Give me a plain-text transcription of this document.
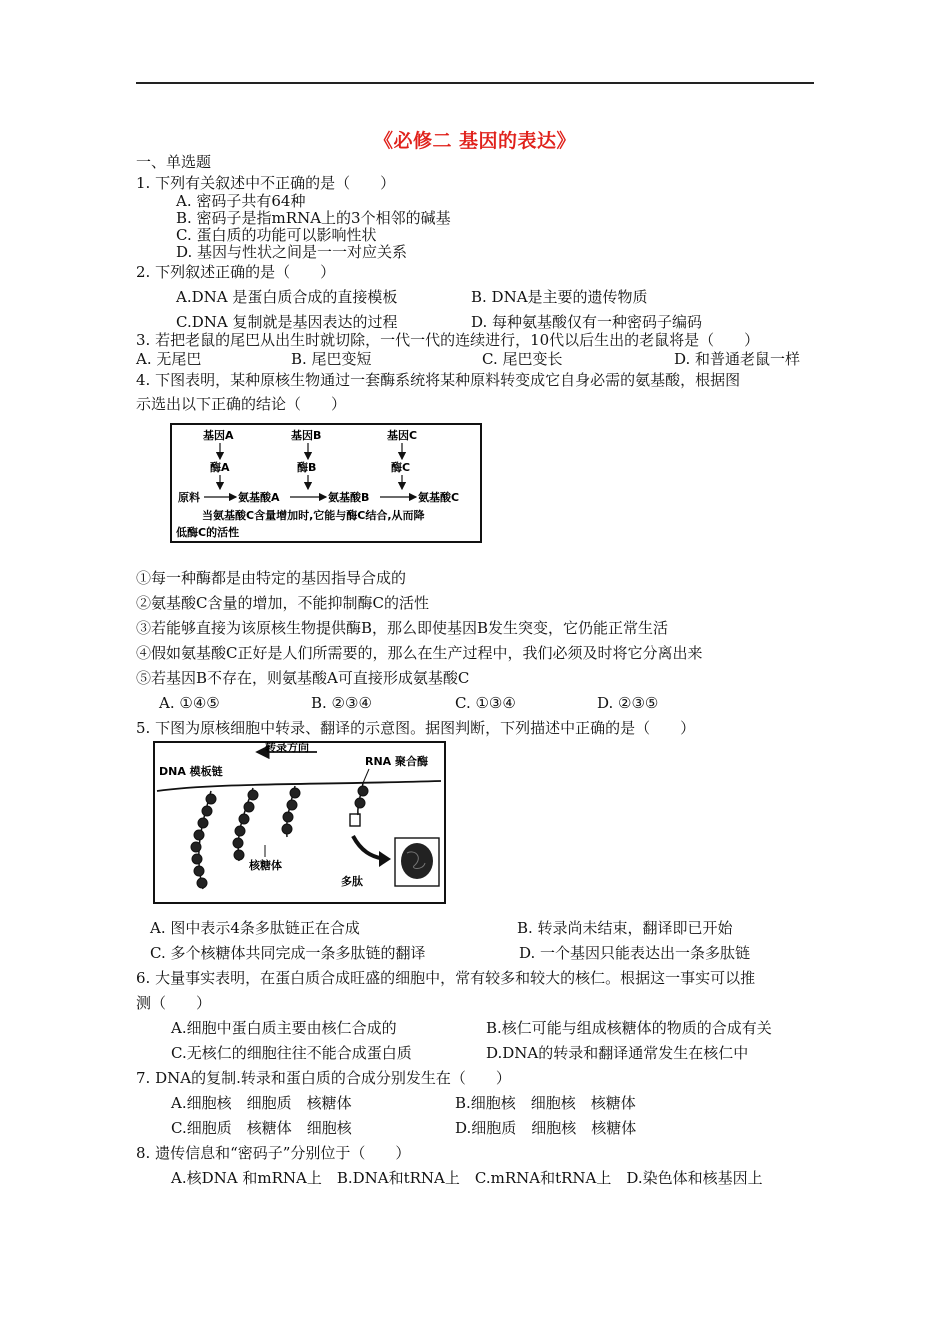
《必修二 基因的表达》
一、单选题
1. 下列有关叙述中不正确的是（　　）
A. 密码子共有64种
B. 密码子是指mRNA上的3个相邻的碱基
C. 蛋白质的功能可以影响性状
D. 基因与性状之间是一一对应关系
2. 下列叙述正确的是（　　）
A.DNA 是蛋白质合成的直接模板	B. DNA是主要的遗传物质
C.DNA 复制就是基因表达的过程	D. 每种氨基酸仅有一种密码子编码
3. 若把老鼠的尾巴从出生时就切除，一代一代的连续进行，10代以后生出的老鼠将是（　　）
A. 无尾巴	B. 尾巴变短	C. 尾巴变长	D. 和普通老鼠一样
4. 下图表明，某种原核生物通过一套酶系统将某种原料转变成它自身必需的氨基酸，根据图
示选出以下正确的结论（　　）
基因A	基因B	基因C
酶A	酶B	酶C
原料	氨基酸A	氨基酸B	氨基酸C
当氨基酸C含量增加时,它能与酶C结合,从而降
低酶C的活性
①每一种酶都是由特定的基因指导合成的
②氨基酸C含量的增加，不能抑制酶C的活性
③若能够直接为该原核生物提供酶B，那么即使基因B发生突变，它仍能正常生活
④假如氨基酸C正好是人们所需要的，那么在生产过程中，我们必须及时将它分离出来
⑤若基因B不存在，则氨基酸A可直接形成氨基酸C
A. ①④⑤	B. ②③④	C. ①③④	D. ②③⑤
5. 下图为原核细胞中转录、翻译的示意图。据图判断，下列描述中正确的是（　　）
转录方向
DNA 模板链
RNA 聚合酶
核糖体
多肽
A. 图中表示4条多肽链正在合成	B. 转录尚未结束，翻译即已开始
C. 多个核糖体共同完成一条多肽链的翻译	D. 一个基因只能表达出一条多肽链
6. 大量事实表明，在蛋白质合成旺盛的细胞中，常有较多和较大的核仁。根据这一事实可以推
测（　　）
A.细胞中蛋白质主要由核仁合成的	B.核仁可能与组成核糖体的物质的合成有关
C.无核仁的细胞往往不能合成蛋白质	D.DNA的转录和翻译通常发生在核仁中
7. DNA的复制.转录和蛋白质的合成分别发生在（　　）
A.细胞核　细胞质　核糖体	B.细胞核　细胞核　核糖体
C.细胞质　核糖体　细胞核	D.细胞质　细胞核　核糖体
8. 遗传信息和“密码子”分别位于（　　）
A.核DNA 和mRNA上　B.DNA和tRNA上　C.mRNA和tRNA上　D.染色体和核基因上
